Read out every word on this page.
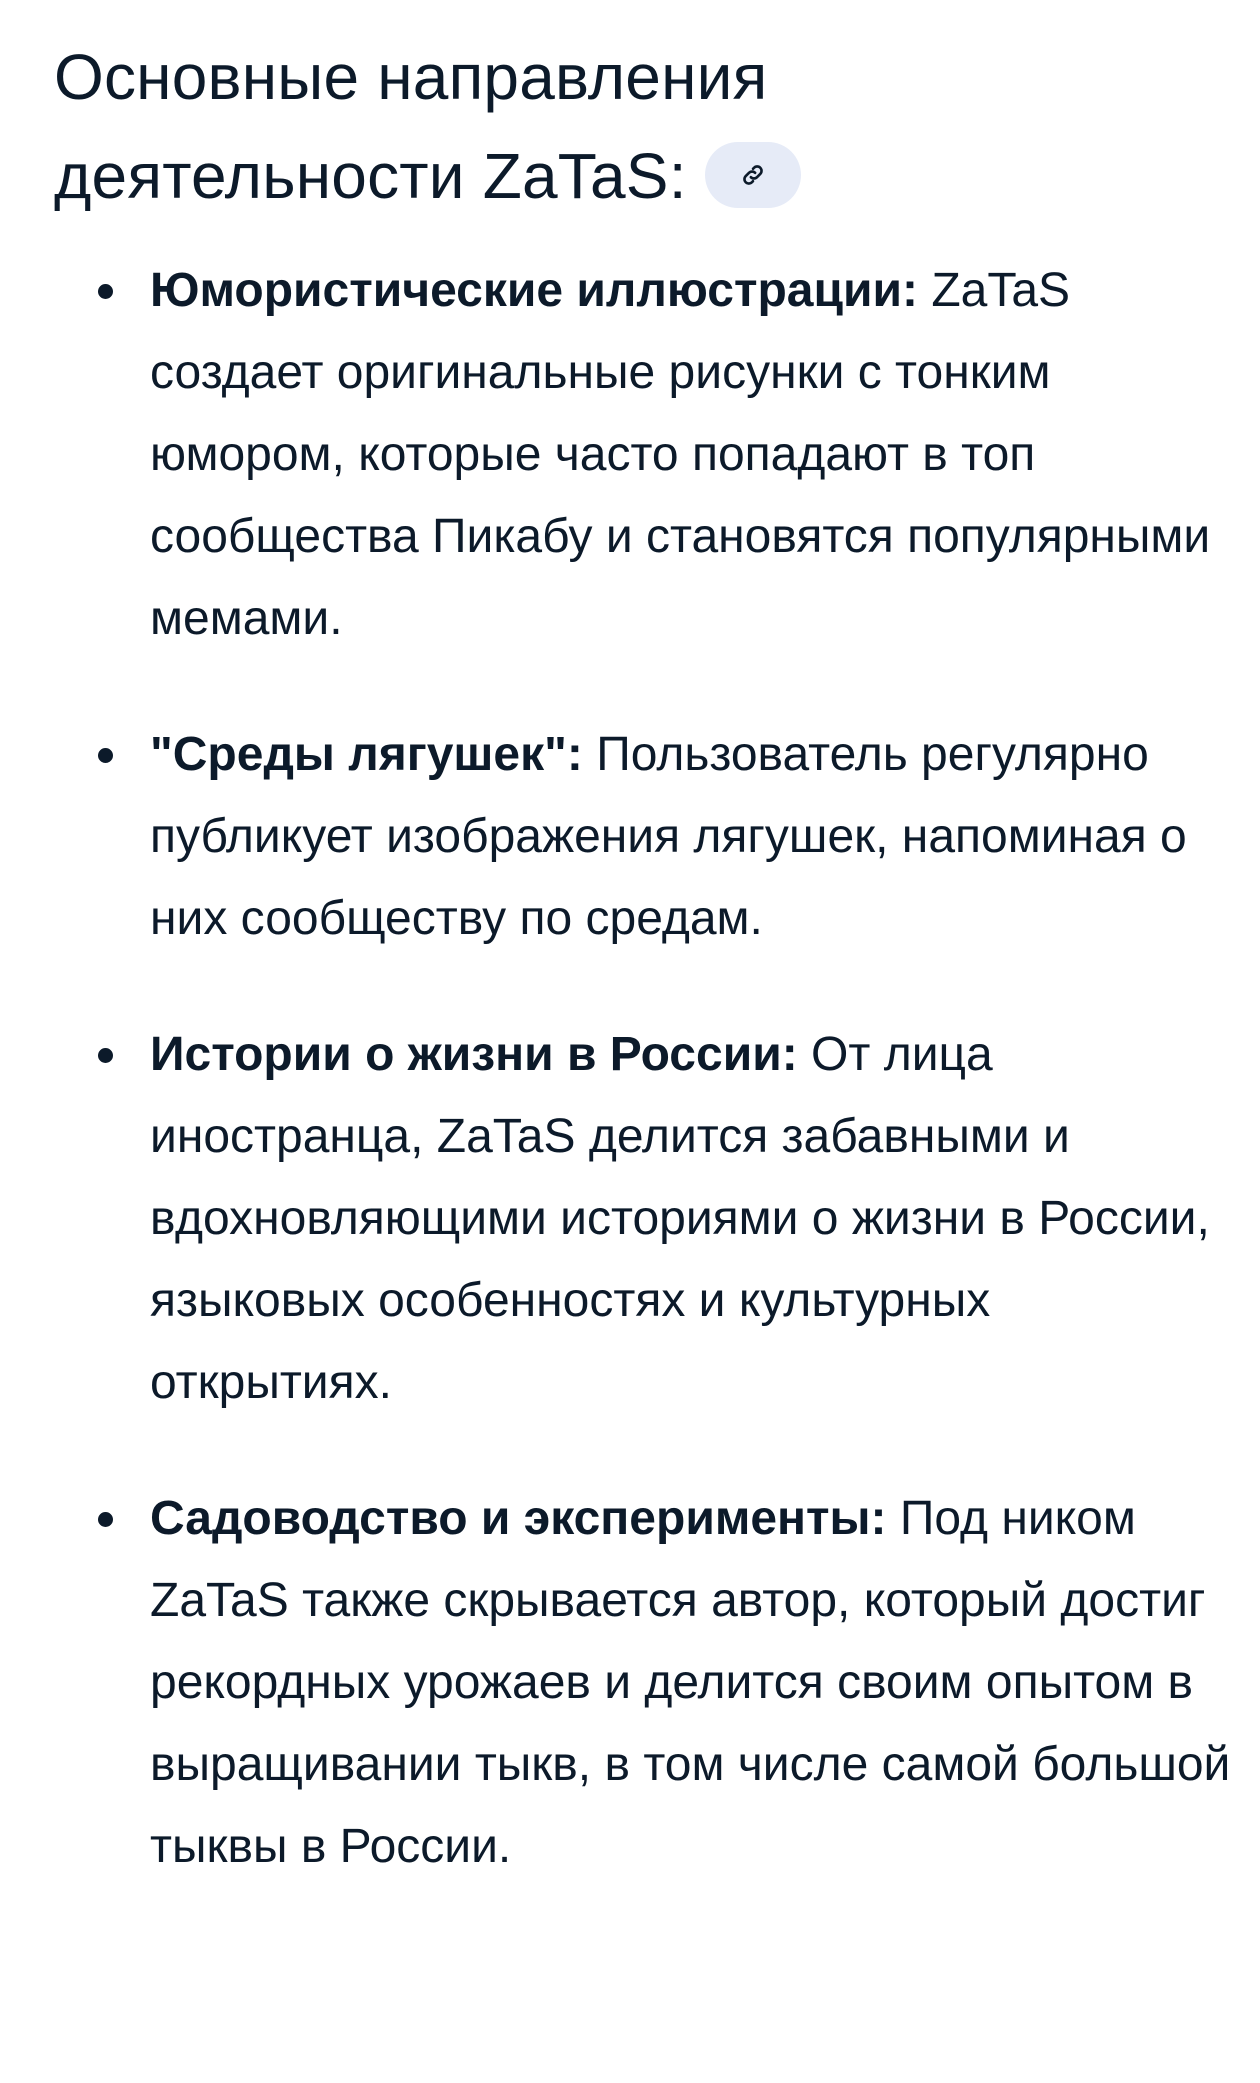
Основные направления
деятельности ZaTaS:
Юмористические иллюстрации: ZaTaS создает оригинальные рисунки с тонким юмором, которые часто попадают в топ сообщества Пикабу и становятся популярными мемами.
"Среды лягушек": Пользователь регулярно публикует изображения лягушек, напоминая о них сообществу по средам.
Истории о жизни в России: От лица иностранца, ZaTaS делится забавными и вдохновляющими историями о жизни в России, языковых особенностях и культурных открытиях.
Садоводство и эксперименты: Под ником ZaTaS также скрывается автор, который достиг рекордных урожаев и делится своим опытом в выращивании тыкв, в том числе самой большой тыквы в России.
